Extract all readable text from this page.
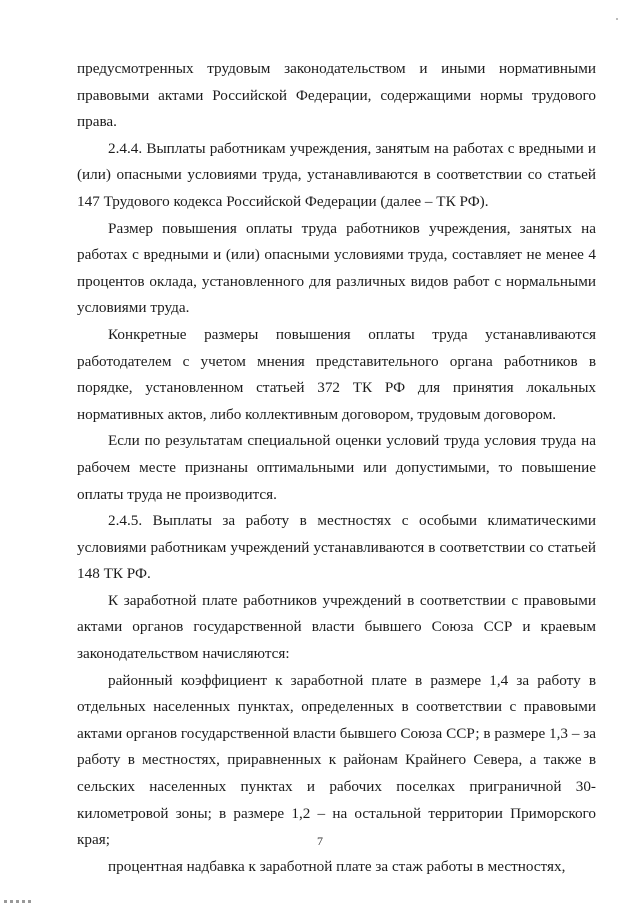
предусмотренных трудовым законодательством и иными нормативными правовыми актами Российской Федерации, содержащими нормы трудового права.

2.4.4. Выплаты работникам учреждения, занятым на работах с вредными и (или) опасными условиями труда, устанавливаются в соответствии со статьей 147 Трудового кодекса Российской Федерации (далее – ТК РФ).

Размер повышения оплаты труда работников учреждения, занятых на работах с вредными и (или) опасными условиями труда, составляет не менее 4 процентов оклада, установленного для различных видов работ с нормальными условиями труда.

Конкретные размеры повышения оплаты труда устанавливаются работодателем с учетом мнения представительного органа работников в порядке, установленном статьей 372 ТК РФ для принятия локальных нормативных актов, либо коллективным договором, трудовым договором.

Если по результатам специальной оценки условий труда условия труда на рабочем месте признаны оптимальными или допустимыми, то повышение оплаты труда не производится.

2.4.5. Выплаты за работу в местностях с особыми климатическими условиями работникам учреждений устанавливаются в соответствии со статьей 148 ТК РФ.

К заработной плате работников учреждений в соответствии с правовыми актами органов государственной власти бывшего Союза ССР и краевым законодательством начисляются:

районный коэффициент к заработной плате в размере 1,4 за работу в отдельных населенных пунктах, определенных в соответствии с правовыми актами органов государственной власти бывшего Союза ССР; в размере 1,3 – за работу в местностях, приравненных к районам Крайнего Севера, а также в сельских населенных пунктах и рабочих поселках приграничной 30-километровой зоны; в размере 1,2 – на остальной территории Приморского края;

процентная надбавка к заработной плате за стаж работы в местностях,

7
